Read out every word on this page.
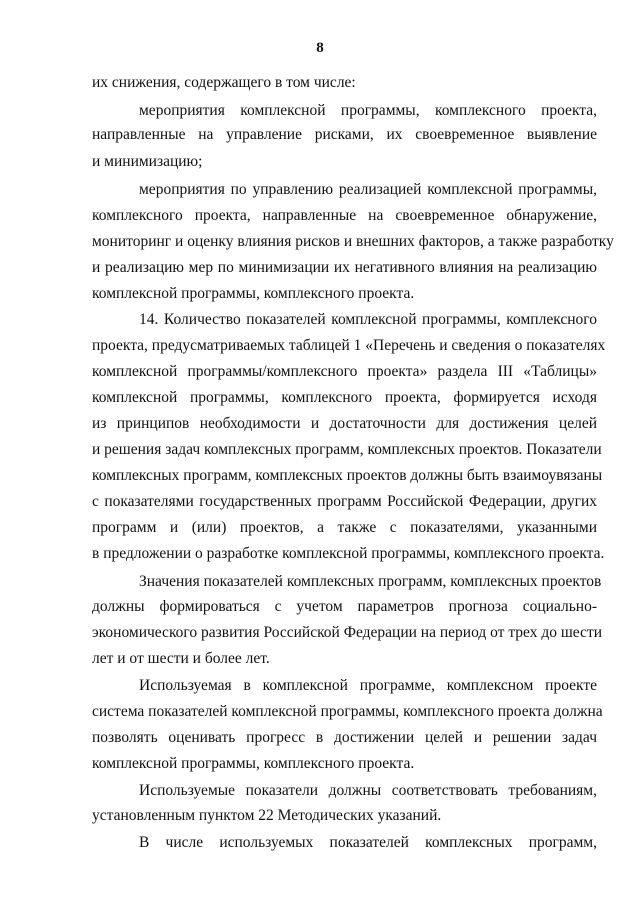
8
их снижения, содержащего в том числе:
мероприятия комплексной программы, комплексного проекта,
направленные на управление рисками, их своевременное выявление
и минимизацию;
мероприятия по управлению реализацией комплексной программы,
комплексного проекта, направленные на своевременное обнаружение,
мониторинг и оценку влияния рисков и внешних факторов, а также разработку
и реализацию мер по минимизации их негативного влияния на реализацию
комплексной программы, комплексного проекта.
14. Количество показателей комплексной программы, комплексного
проекта, предусматриваемых таблицей 1 «Перечень и сведения о показателях
комплексной программы/комплексного проекта» раздела III «Таблицы»
комплексной программы, комплексного проекта, формируется исходя
из принципов необходимости и достаточности для достижения целей
и решения задач комплексных программ, комплексных проектов. Показатели
комплексных программ, комплексных проектов должны быть взаимоувязаны
с показателями государственных программ Российской Федерации, других
программ и (или) проектов, а также с показателями, указанными
в предложении о разработке комплексной программы, комплексного проекта.
Значения показателей комплексных программ, комплексных проектов
должны формироваться с учетом параметров прогноза социально-
экономического развития Российской Федерации на период от трех до шести
лет и от шести и более лет.
Используемая в комплексной программе, комплексном проекте
система показателей комплексной программы, комплексного проекта должна
позволять оценивать прогресс в достижении целей и решении задач
комплексной программы, комплексного проекта.
Используемые показатели должны соответствовать требованиям,
установленным пунктом 22 Методических указаний.
В числе используемых показателей комплексных программ,
